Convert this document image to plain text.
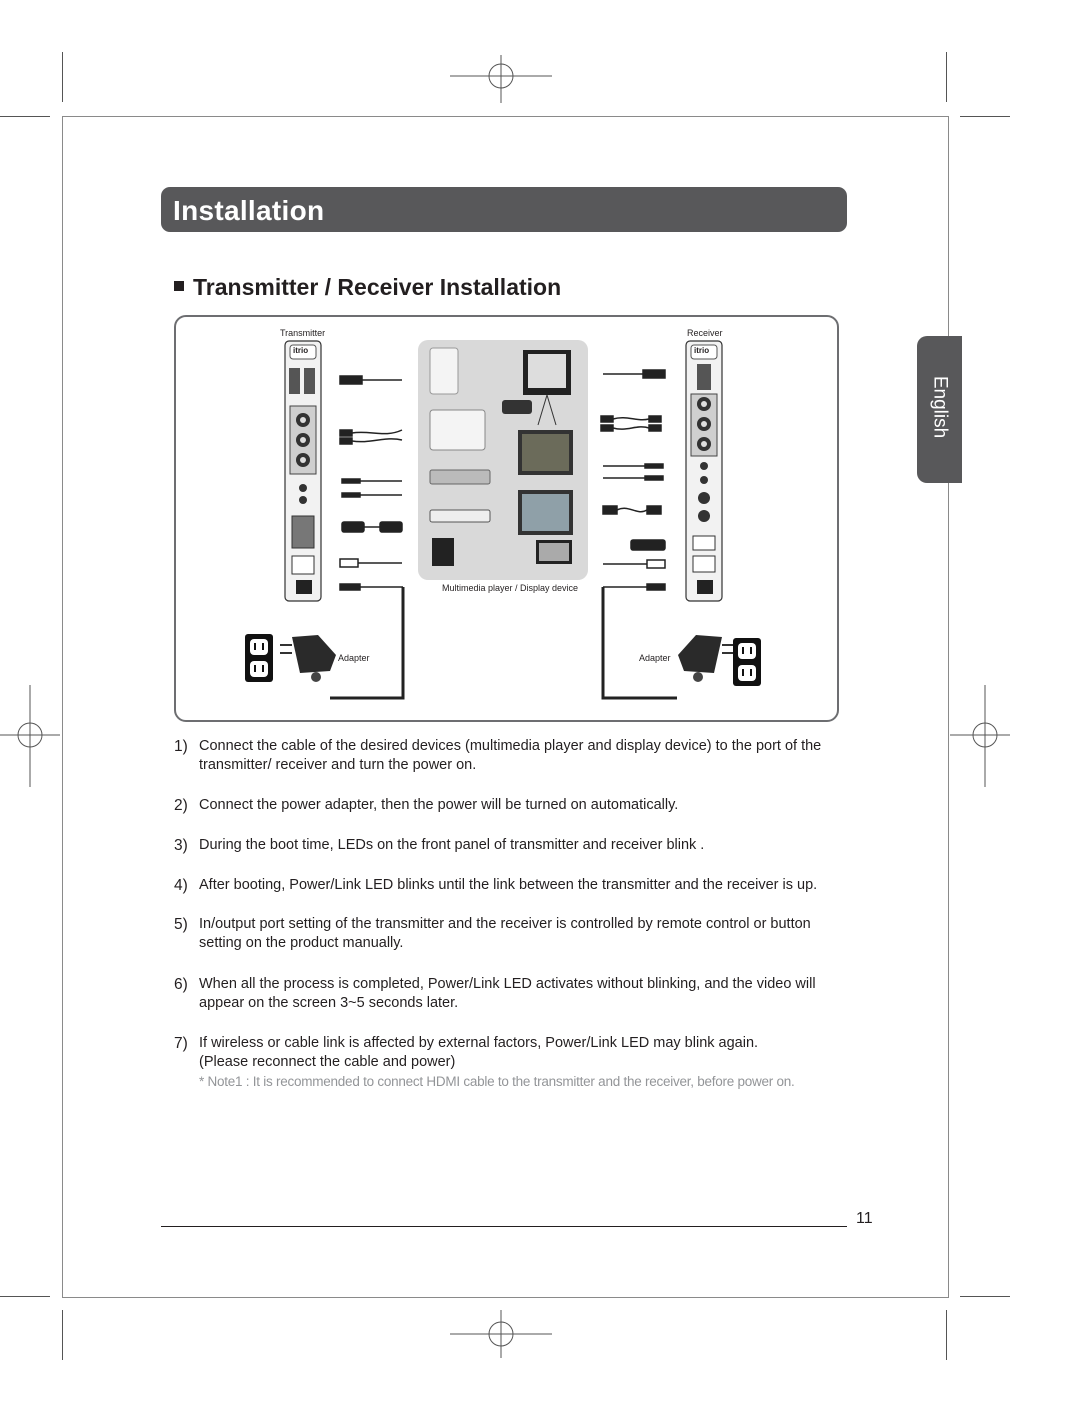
Installation
English
Transmitter / Receiver Installation
Transmitter	Receiver
Multimedia player / Display device
Adapter	Adapter
itrio	itrio
1) Connect the cable of the desired devices (multimedia player and display device) to the port of the transmitter/ receiver and turn the power on.
2) Connect the power adapter, then the power will be turned on automatically.
3) During the boot time, LEDs on the front panel of transmitter and receiver blink .
4) After booting, Power/Link LED blinks until the link between the transmitter and the receiver is up.
5) In/output port setting of the transmitter and the receiver is controlled by remote control or button setting on the product manually.
6) When all the process is completed, Power/Link LED activates without blinking, and the video will appear on the screen 3~5 seconds later.
7) If wireless or cable link is affected by external factors, Power/Link LED may blink again.
(Please reconnect the cable and power)
* Note1 : It is recommended to connect HDMI cable to the transmitter and the receiver, before power on.
11
